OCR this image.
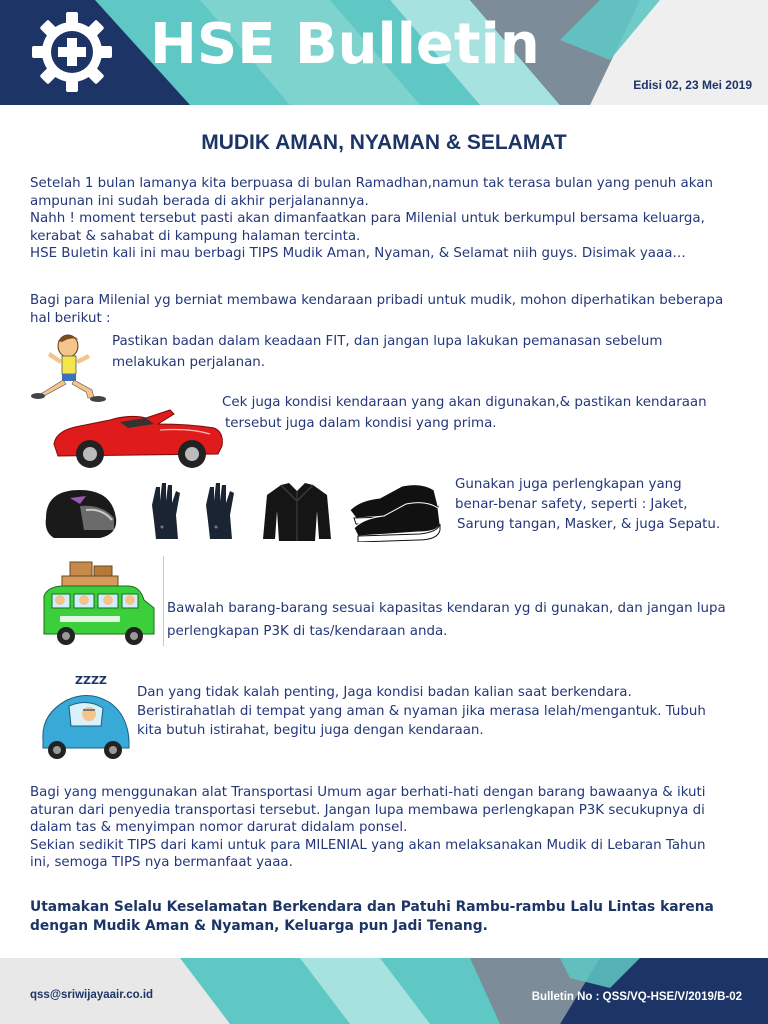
HSE Bulletin
Edisi 02, 23 Mei 2019
MUDIK AMAN, NYAMAN & SELAMAT
Setelah 1 bulan lamanya kita berpuasa di bulan Ramadhan,namun tak terasa bulan yang penuh akan
ampunan ini sudah berada di akhir perjalanannya.
Nahh ! moment tersebut pasti akan dimanfaatkan para Milenial untuk berkumpul bersama keluarga,
kerabat & sahabat di kampung halaman tercinta.
HSE Buletin kali ini mau berbagi TIPS Mudik Aman, Nyaman, & Selamat niih guys. Disimak yaaa…
Bagi para Milenial yg berniat membawa kendaraan pribadi untuk mudik, mohon diperhatikan beberapa
hal berikut :
Pastikan badan dalam keadaan FIT, dan jangan lupa lakukan pemanasan sebelum
melakukan perjalanan.
Cek juga kondisi kendaraan yang akan digunakan,& pastikan kendaraan
tersebut juga dalam kondisi yang prima.
Gunakan juga perlengkapan yang
benar-benar safety, seperti : Jaket,
Sarung tangan, Masker, & juga Sepatu.
Bawalah barang-barang sesuai kapasitas kendaran yg di gunakan, dan jangan lupa
perlengkapan P3K di tas/kendaraan anda.
ZZZZ
Dan yang tidak kalah penting, Jaga kondisi badan kalian saat berkendara.
Beristirahatlah di tempat yang aman & nyaman jika merasa lelah/mengantuk. Tubuh
kita butuh istirahat, begitu juga dengan kendaraan.
Bagi yang menggunakan alat Transportasi Umum agar berhati-hati dengan barang bawaanya & ikuti
aturan dari penyedia transportasi tersebut. Jangan lupa membawa perlengkapan P3K secukupnya di
dalam tas & menyimpan nomor darurat didalam ponsel.
Sekian sedikit TIPS dari kami untuk para MILENIAL yang akan melaksanakan Mudik di Lebaran Tahun
ini, semoga TIPS nya bermanfaat yaaa.
Utamakan Selalu Keselamatan Berkendara dan Patuhi Rambu-rambu Lalu Lintas karena
dengan Mudik Aman & Nyaman, Keluarga pun Jadi Tenang.
qss@sriwijayaair.co.id	Bulletin No : QSS/VQ-HSE/V/2019/B-02
